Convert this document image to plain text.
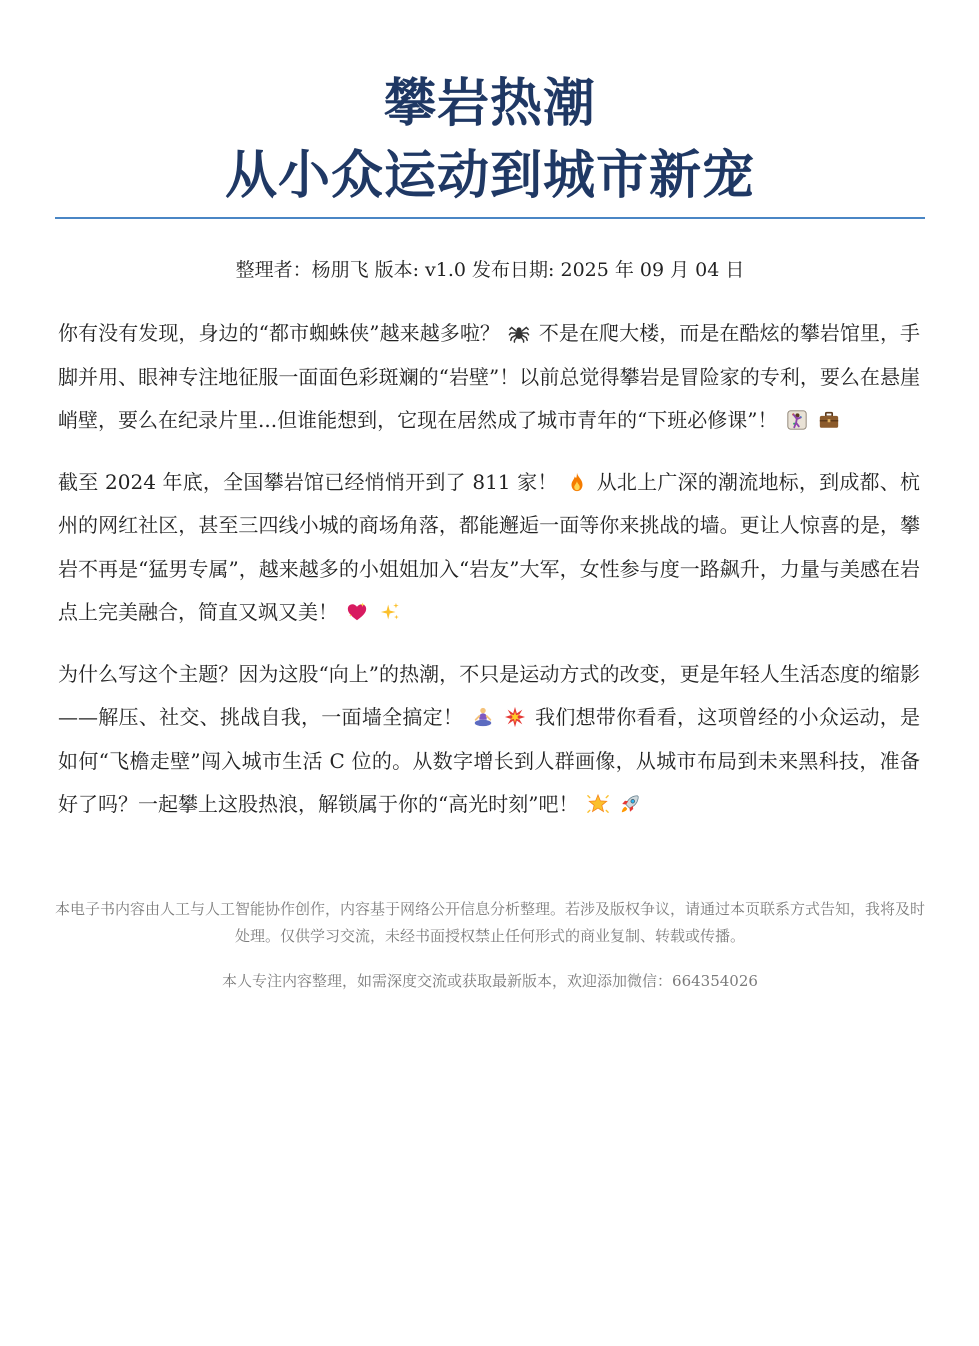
攀岩热潮
从小众运动到城市新宠
整理者：杨朋飞 版本: v1.0 发布日期: 2025 年 09 月 04 日

你有没有发现，身边的“都市蜘蛛侠”越来越多啦？  不是在爬大楼，而是在酷炫的攀岩馆里，手脚并用、眼神专注地征服一面面色彩斑斓的“岩壁”！以前总觉得攀岩是冒险家的专利，要么在悬崖峭壁，要么在纪录片里...但谁能想到，它现在居然成了城市青年的“下班必修课”！

截至 2024 年底，全国攀岩馆已经悄悄开到了 811 家！  从北上广深的潮流地标，到成都、杭州的网红社区，甚至三四线小城的商场角落，都能邂逅一面等你来挑战的墙。更让人惊喜的是，攀岩不再是“猛男专属”，越来越多的小姐姐加入“岩友”大军，女性参与度一路飙升，力量与美感在岩点上完美融合，简直又飒又美！

为什么写这个主题？因为这股“向上”的热潮，不只是运动方式的改变，更是年轻人生活态度的缩影——解压、社交、挑战自我，一面墙全搞定！	我们想带你看看，这项曾经的小众运动，是如何“飞檐走壁”闯入城市生活 C 位的。从数字增长到人群画像，从城市布局到未来黑科技，准备好了吗？一起攀上这股热浪，解锁属于你的“高光时刻”吧！

本电子书内容由人工与人工智能协作创作，内容基于网络公开信息分析整理。若涉及版权争议，请通过本页联系方式告知，我将及时处理。仅供学习交流，未经书面授权禁止任何形式的商业复制、转载或传播。
本人专注内容整理，如需深度交流或获取最新版本，欢迎添加微信：664354026
